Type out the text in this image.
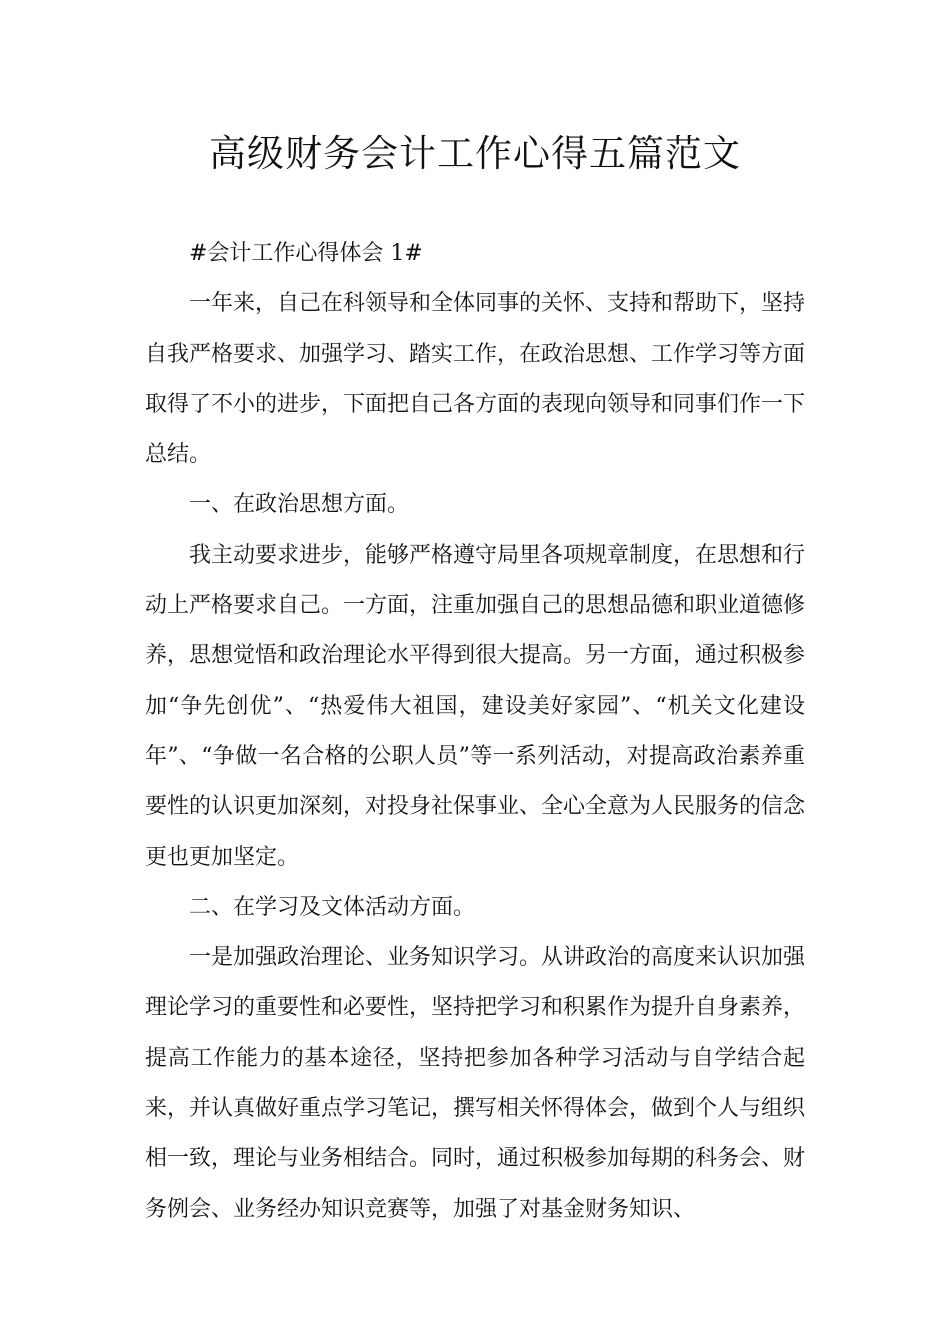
高级财务会计工作心得五篇范文

#会计工作心得体会 1#

一年来，自己在科领导和全体同事的关怀、支持和帮助下，坚持自我严格要求、加强学习、踏实工作，在政治思想、工作学习等方面取得了不小的进步，下面把自己各方面的表现向领导和同事们作一下总结。

一、在政治思想方面。

我主动要求进步，能够严格遵守局里各项规章制度，在思想和行动上严格要求自己。一方面，注重加强自己的思想品德和职业道德修养，思想觉悟和政治理论水平得到很大提高。另一方面，通过积极参加“争先创优”、“热爱伟大祖国，建设美好家园”、“机关文化建设年”、“争做一名合格的公职人员”等一系列活动，对提高政治素养重要性的认识更加深刻，对投身社保事业、全心全意为人民服务的信念更也更加坚定。

二、在学习及文体活动方面。

一是加强政治理论、业务知识学习。从讲政治的高度来认识加强理论学习的重要性和必要性，坚持把学习和积累作为提升自身素养，提高工作能力的基本途径，坚持把参加各种学习活动与自学结合起来，并认真做好重点学习笔记，撰写相关怀得体会，做到个人与组织相一致，理论与业务相结合。同时，通过积极参加每期的科务会、财务例会、业务经办知识竞赛等，加强了对基金财务知识、
